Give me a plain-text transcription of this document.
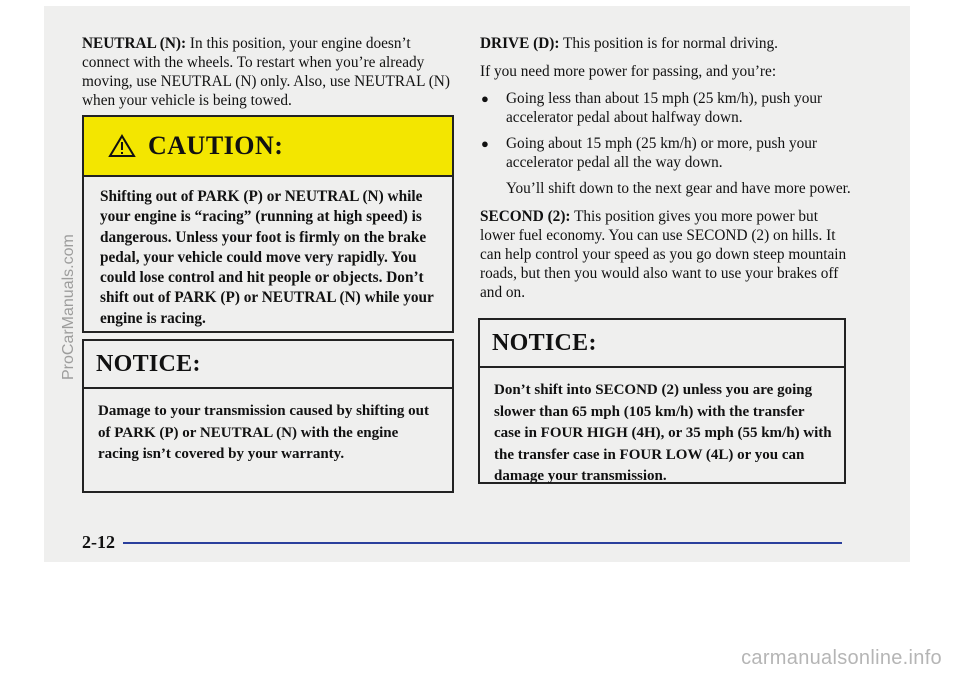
NEUTRAL (N): In this position, your engine doesn’t connect with the wheels. To restart when you’re already moving, use NEUTRAL (N) only. Also, use NEUTRAL (N) when your vehicle is being towed.

CAUTION:
Shifting out of PARK (P) or NEUTRAL (N) while your engine is “racing” (running at high speed) is dangerous. Unless your foot is firmly on the brake pedal, your vehicle could move very rapidly. You could lose control and hit people or objects. Don’t shift out of PARK (P) or NEUTRAL (N) while your engine is racing.
NOTICE:
Damage to your transmission caused by shifting out of PARK (P) or NEUTRAL (N) with the engine racing isn’t covered by your warranty.

DRIVE (D): This position is for normal driving.

If you need more power for passing, and you’re:

● Going less than about 15 mph (25 km/h), push your accelerator pedal about halfway down.
● Going about 15 mph (25 km/h) or more, push your accelerator pedal all the way down.

You’ll shift down to the next gear and have more power.

SECOND (2): This position gives you more power but lower fuel economy. You can use SECOND (2) on hills. It can help control your speed as you go down steep mountain roads, but then you would also want to use your brakes off and on.

NOTICE:
Don’t shift into SECOND (2) unless you are going slower than 65 mph (105 km/h) with the transfer case in FOUR HIGH (4H), or 35 mph (55 km/h) with the transfer case in FOUR LOW (4L) or you can damage your transmission.
2-12
ProCarManuals.com
carmanualsonline.info
